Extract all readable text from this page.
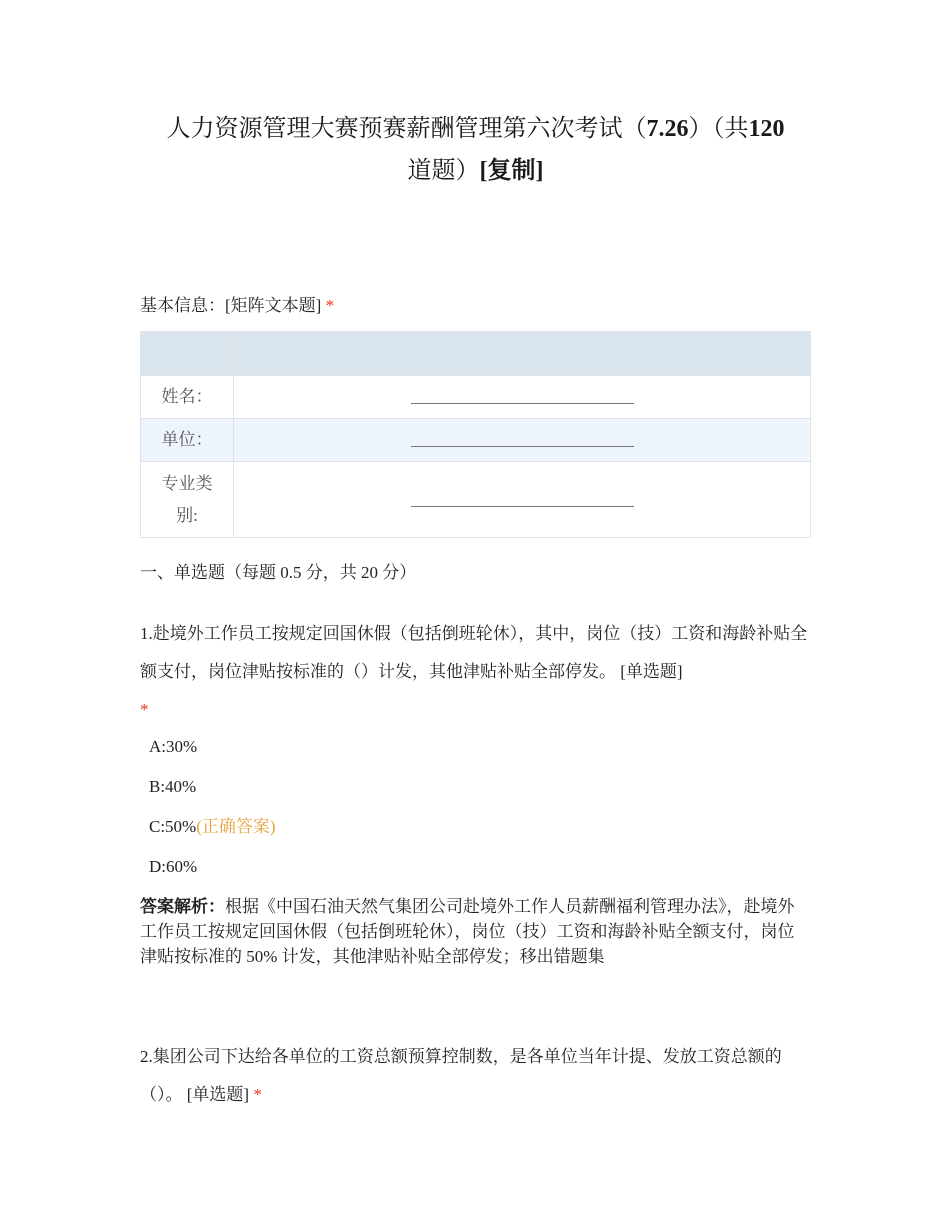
人力资源管理大赛预赛薪酬管理第六次考试（7.26）（共120
道题）[复制]
基本信息：[矩阵文本题] *

姓名：	
单位：	
专业类
别:	
一、单选题（每题 0.5 分，共 20 分）
1.赴境外工作员工按规定回国休假（包括倒班轮休），其中，岗位（技）工资和海龄补贴全额支付，岗位津贴按标准的（）计发，其他津贴补贴全部停发。 [单选题]
*
A:30%
B:40%
C:50%(正确答案)
D:60%
答案解析：根据《中国石油天然气集团公司赴境外工作人员薪酬福利管理办法》，赴境外工作员工按规定回国休假（包括倒班轮休），岗位（技）工资和海龄补贴全额支付，岗位津贴按标准的 50% 计发，其他津贴补贴全部停发；移出错题集
2.集团公司下达给各单位的工资总额预算控制数，是各单位当年计提、发放工资总额的（）。 [单选题] *
